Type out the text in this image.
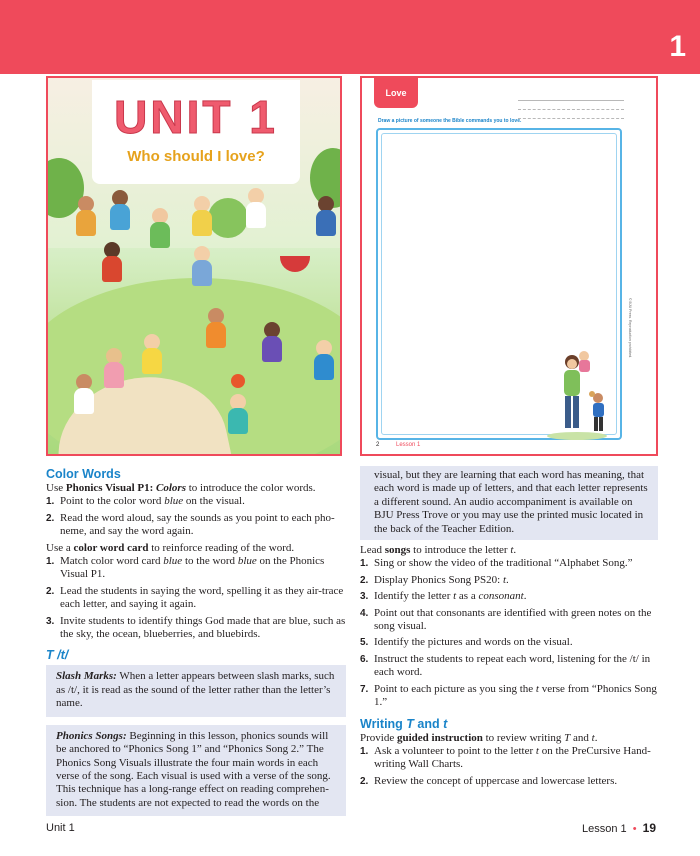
1
UNIT 1
Who should I love?
Love
Draw a picture of someone the Bible commands you to love.
© BJU Press. Reproduction prohibited.
2	Lesson 1
Color Words

Use Phonics Visual P1: Colors to introduce the color words.

1. Point to the color word blue on the visual.
2. Read the word aloud, say the sounds as you point to each pho-neme, and say the word again.

Use a color word card to reinforce reading of the word.

1. Match color word card blue to the word blue on the Phonics Visual P1.
2. Lead the students in saying the word, spelling it as they air-trace each letter, and saying it again.
3. Invite students to identify things God made that are blue, such as the sky, the ocean, blueberries, and bluebirds.
T /t/

Slash Marks: When a letter appears between slash marks, such as /t/, it is read as the sound of the letter rather than the letter’s name.

Phonics Songs: Beginning in this lesson, phonics sounds will be anchored to “Phonics Song 1” and “Phonics Song 2.” The Phonics Song Visuals illustrate the four main words in each verse of the song. Each visual is used with a verse of the song. This technique has a long-range effect on reading comprehen-sion. The students are not expected to read the words on the

visual, but they are learning that each word has meaning, that each word is made up of letters, and that each letter represents a different sound. An audio accompaniment is available on BJU Press Trove or you may use the printed music located in the back of the Teacher Edition.

Lead songs to introduce the letter t.

1. Sing or show the video of the traditional “Alphabet Song.”
2. Display Phonics Song PS20: t.
3. Identify the letter t as a consonant.
4. Point out that consonants are identified with green notes on the song visual.
5. Identify the pictures and words on the visual.
6. Instruct the students to repeat each word, listening for the /t/ in each word.
7. Point to each picture as you sing the t verse from “Phonics Song 1.”
Writing T and t

Provide guided instruction to review writing T and t.

1. Ask a volunteer to point to the letter t on the PreCursive Hand-writing Wall Charts.
2. Review the concept of uppercase and lowercase letters.
Unit 1	Lesson 1 • 19
